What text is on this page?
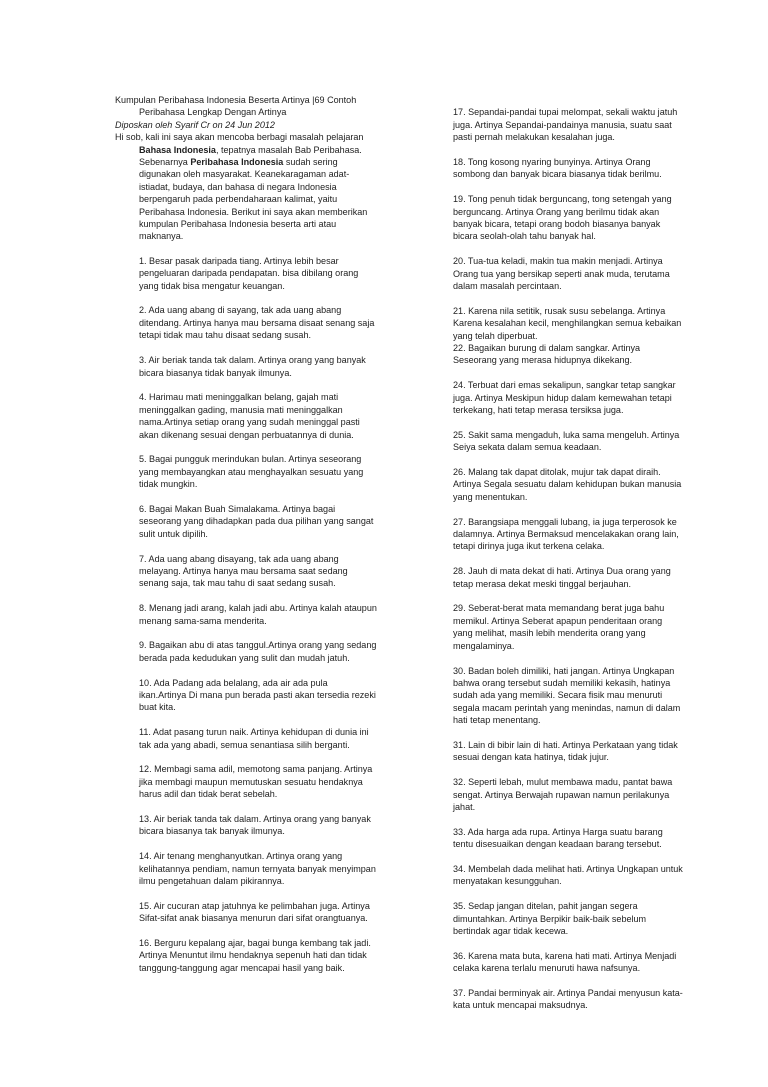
Kumpulan Peribahasa Indonesia Beserta Artinya |69 Contoh Peribahasa Lengkap Dengan Artinya
Diposkan oleh Syarif Cr on 24 Jun 2012
Hi sob, kali ini saya akan mencoba berbagi masalah pelajaran Bahasa Indonesia, tepatnya masalah Bab Peribahasa. Sebenarnya Peribahasa Indonesia sudah sering digunakan oleh masyarakat. Keanekaragaman adat-istiadat, budaya, dan bahasa di negara Indonesia berpengaruh pada perbendaharaan kalimat, yaitu Peribahasa Indonesia. Berikut ini saya akan memberikan kumpulan Peribahasa Indonesia beserta arti atau maknanya.
1. Besar pasak daripada tiang. Artinya lebih besar pengeluaran daripada pendapatan. bisa dibilang orang yang tidak bisa mengatur keuangan.
2. Ada uang abang di sayang, tak ada uang abang ditendang. Artinya hanya mau bersama disaat senang saja tetapi tidak mau tahu disaat sedang susah.
3. Air beriak tanda tak dalam. Artinya orang yang banyak bicara biasanya tidak banyak ilmunya.
4. Harimau mati meninggalkan belang, gajah mati meninggalkan gading, manusia mati meninggalkan nama.Artinya setiap orang yang sudah meninggal pasti akan dikenang sesuai dengan perbuatannya di dunia.
5. Bagai pungguk merindukan bulan. Artinya seseorang yang membayangkan atau menghayalkan sesuatu yang tidak mungkin.
6. Bagai Makan Buah Simalakama. Artinya bagai seseorang yang dihadapkan pada dua pilihan yang sangat sulit untuk dipilih.
7. Ada uang abang disayang, tak ada uang abang melayang. Artinya hanya mau bersama saat sedang senang saja, tak mau tahu di saat sedang susah.
8. Menang jadi arang, kalah jadi abu. Artinya kalah ataupun menang sama-sama menderita.
9. Bagaikan abu di atas tanggul.Artinya orang yang sedang berada pada kedudukan yang sulit dan mudah jatuh.
10. Ada Padang ada belalang, ada air ada pula ikan.Artinya Di mana pun berada pasti akan tersedia rezeki buat kita.
11. Adat pasang turun naik. Artinya kehidupan di dunia ini tak ada yang abadi, semua senantiasa silih berganti.
12. Membagi sama adil, memotong sama panjang. Artinya jika membagi maupun memutuskan sesuatu hendaknya harus adil dan tidak berat sebelah.
13. Air beriak tanda tak dalam. Artinya orang yang banyak bicara biasanya tak banyak ilmunya.
14. Air tenang menghanyutkan. Artinya orang yang kelihatannya pendiam, namun ternyata banyak menyimpan ilmu pengetahuan dalam pikirannya.
15. Air cucuran atap jatuhnya ke pelimbahan juga. Artinya Sifat-sifat anak biasanya menurun dari sifat orangtuanya.
16. Berguru kepalang ajar, bagai bunga kembang tak jadi. Artinya Menuntut ilmu hendaknya sepenuh hati dan tidak tanggung-tanggung agar mencapai hasil yang baik.
17. Sepandai-pandai tupai melompat, sekali waktu jatuh juga. Artinya Sepandai-pandainya manusia, suatu saat pasti pernah melakukan kesalahan juga.
18. Tong kosong nyaring bunyinya. Artinya Orang sombong dan banyak bicara biasanya tidak berilmu.
19. Tong penuh tidak berguncang, tong setengah yang berguncang. Artinya Orang yang berilmu tidak akan banyak bicara, tetapi orang bodoh biasanya banyak bicara seolah-olah tahu banyak hal.
20. Tua-tua keladi, makin tua makin menjadi. Artinya Orang tua yang bersikap seperti anak muda, terutama dalam masalah percintaan.
21. Karena nila setitik, rusak susu sebelanga. Artinya Karena kesalahan kecil, menghilangkan semua kebaikan yang telah diperbuat.
22. Bagaikan burung di dalam sangkar. Artinya Seseorang yang merasa hidupnya dikekang.
24. Terbuat dari emas sekalipun, sangkar tetap sangkar juga. Artinya Meskipun hidup dalam kemewahan tetapi terkekang, hati tetap merasa tersiksa juga.
25. Sakit sama mengaduh, luka sama mengeluh. Artinya Seiya sekata dalam semua keadaan.
26. Malang tak dapat ditolak, mujur tak dapat diraih. Artinya Segala sesuatu dalam kehidupan bukan manusia yang menentukan.
27. Barangsiapa menggali lubang, ia juga terperosok ke dalamnya. Artinya Bermaksud mencelakakan orang lain, tetapi dirinya juga ikut terkena celaka.
28. Jauh di mata dekat di hati. Artinya Dua orang yang tetap merasa dekat meski tinggal berjauhan.
29. Seberat-berat mata memandang berat juga bahu memikul. Artinya Seberat apapun penderitaan orang yang melihat, masih lebih menderita orang yang mengalaminya.
30. Badan boleh dimiliki, hati jangan. Artinya Ungkapan bahwa orang tersebut sudah memiliki kekasih, hatinya sudah ada yang memiliki. Secara fisik mau menuruti segala macam perintah yang menindas, namun di dalam hati tetap menentang.
31. Lain di bibir lain di hati. Artinya Perkataan yang tidak sesuai dengan kata hatinya, tidak jujur.
32. Seperti lebah, mulut membawa madu, pantat bawa sengat. Artinya Berwajah rupawan namun perilakunya jahat.
33. Ada harga ada rupa. Artinya Harga suatu barang tentu disesuaikan dengan keadaan barang tersebut.
34. Membelah dada melihat hati. Artinya Ungkapan untuk menyatakan kesungguhan.
35. Sedap jangan ditelan, pahit jangan segera dimuntahkan. Artinya Berpikir baik-baik sebelum bertindak agar tidak kecewa.
36. Karena mata buta, karena hati mati. Artinya Menjadi celaka karena terlalu menuruti hawa nafsunya.
37. Pandai berminyak air. Artinya Pandai menyusun kata-kata untuk mencapai maksudnya.
